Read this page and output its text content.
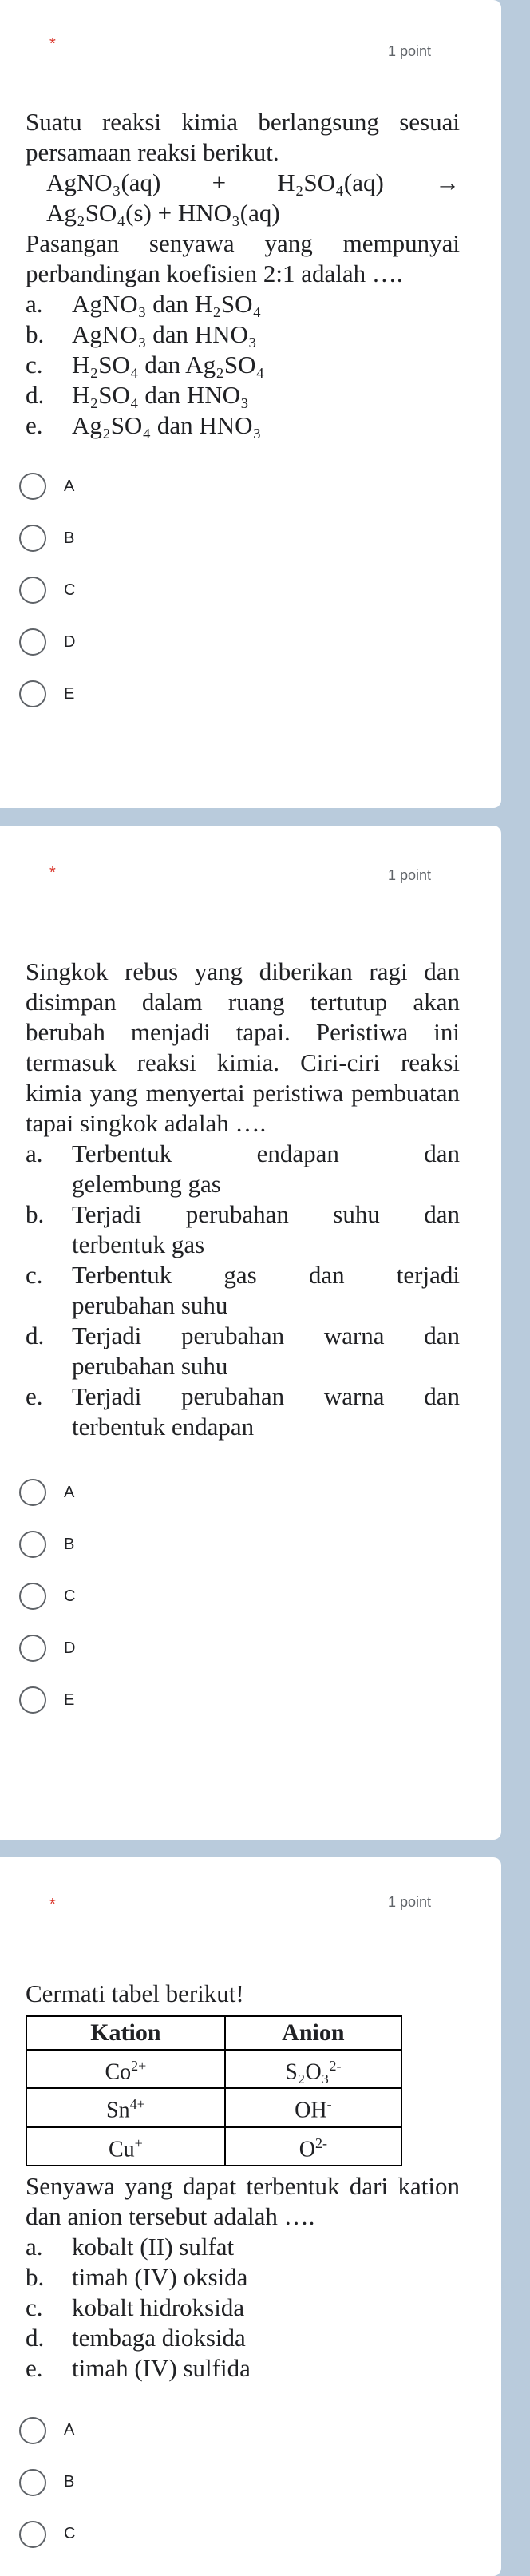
*	1 point

Suatu reaksi kimia berlangsung sesuai persamaan reaksi berikut.

AgNO₃(aq) + H₂SO₄(aq) →
Ag₂SO₄(s) + HNO₃(aq)

Pasangan senyawa yang mempunyai perbandingan koefisien 2:1 adalah ….

a.	AgNO₃ dan H₂SO₄
b.	AgNO₃ dan HNO₃
c.	H₂SO₄ dan Ag₂SO₄
d.	H₂SO₄ dan HNO₃
e.	Ag₂SO₄ dan HNO₃
A
B
C
D
E
*	1 point

Singkok rebus yang diberikan ragi dan disimpan dalam ruang tertutup akan berubah menjadi tapai. Peristiwa ini termasuk reaksi kimia. Ciri-ciri reaksi kimia yang menyertai peristiwa pembuatan tapai singkok adalah ….

a.	Terbentuk endapan dan
gelembung gas
b.	Terjadi perubahan suhu dan
terbentuk gas
c.	Terbentuk gas dan terjadi
perubahan suhu
d.	Terjadi perubahan warna dan
perubahan suhu
e.	Terjadi perubahan warna dan
terbentuk endapan
A
B
C
D
E
*	1 point

Cermati tabel berikut!

Kation	Anion
$Co^{2+}$	S₂O₃$^{2-}$
$Sn^{4+}$	OH-
Cu+	$O^{2-}$

Senyawa yang dapat terbentuk dari kation dan anion tersebut adalah ….

a.	kobalt (II) sulfat
b.	timah (IV) oksida
c.	kobalt hidroksida
d.	tembaga dioksida
e.	timah (IV) sulfida
A
B
C
